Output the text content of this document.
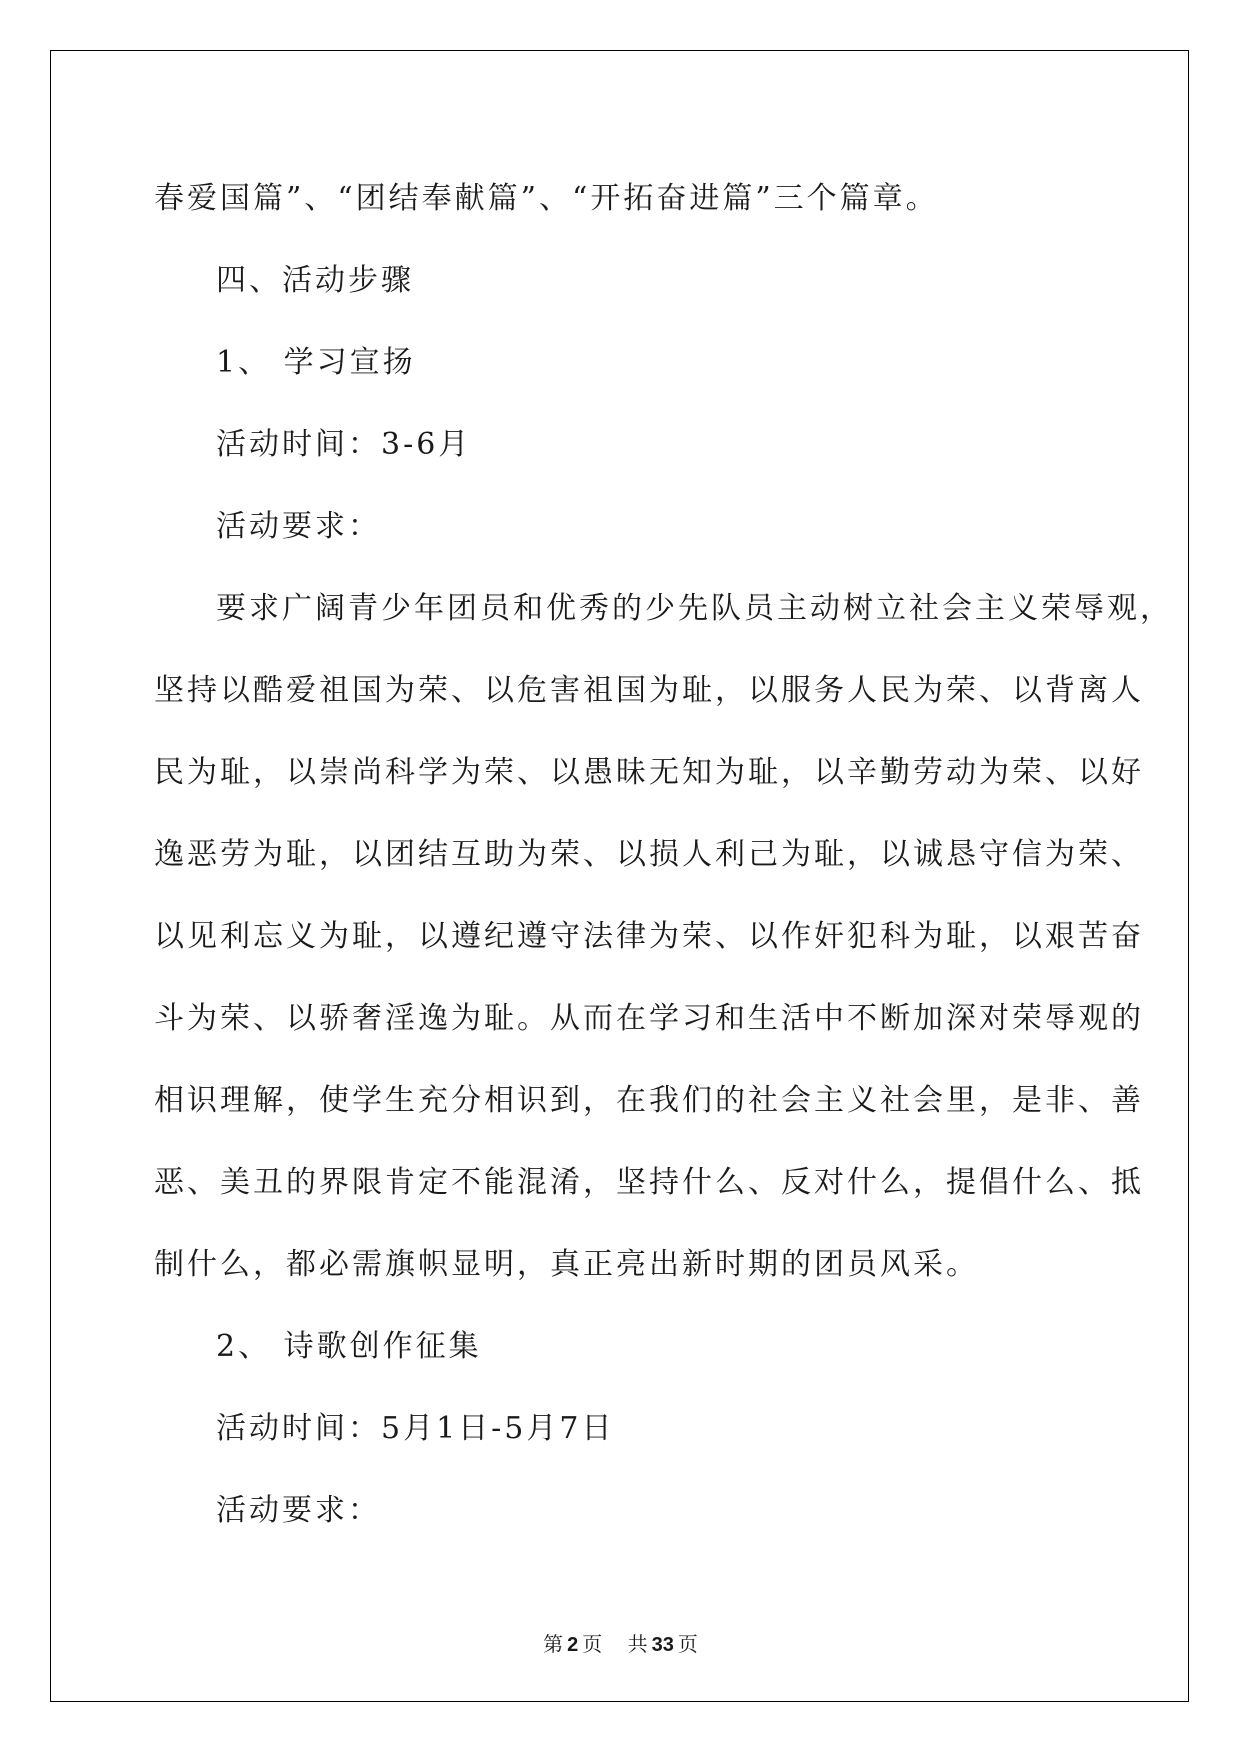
春爱国篇”、“团结奉献篇”、“开拓奋进篇”三个篇章。
四、活动步骤
1、 学习宣扬
活动时间：3-6月
活动要求：
要求广阔青少年团员和优秀的少先队员主动树立社会主义荣辱观，
坚持以酷爱祖国为荣、以危害祖国为耻，以服务人民为荣、以背离人
民为耻，以崇尚科学为荣、以愚昧无知为耻，以辛勤劳动为荣、以好
逸恶劳为耻，以团结互助为荣、以损人利己为耻，以诚恳守信为荣、
以见利忘义为耻，以遵纪遵守法律为荣、以作奸犯科为耻，以艰苦奋
斗为荣、以骄奢淫逸为耻。从而在学习和生活中不断加深对荣辱观的
相识理解，使学生充分相识到，在我们的社会主义社会里，是非、善
恶、美丑的界限肯定不能混淆，坚持什么、反对什么，提倡什么、抵
制什么，都必需旗帜显明，真正亮出新时期的团员风采。
2、 诗歌创作征集
活动时间：5月1日-5月7日
活动要求：
第 2 页 共 33 页
